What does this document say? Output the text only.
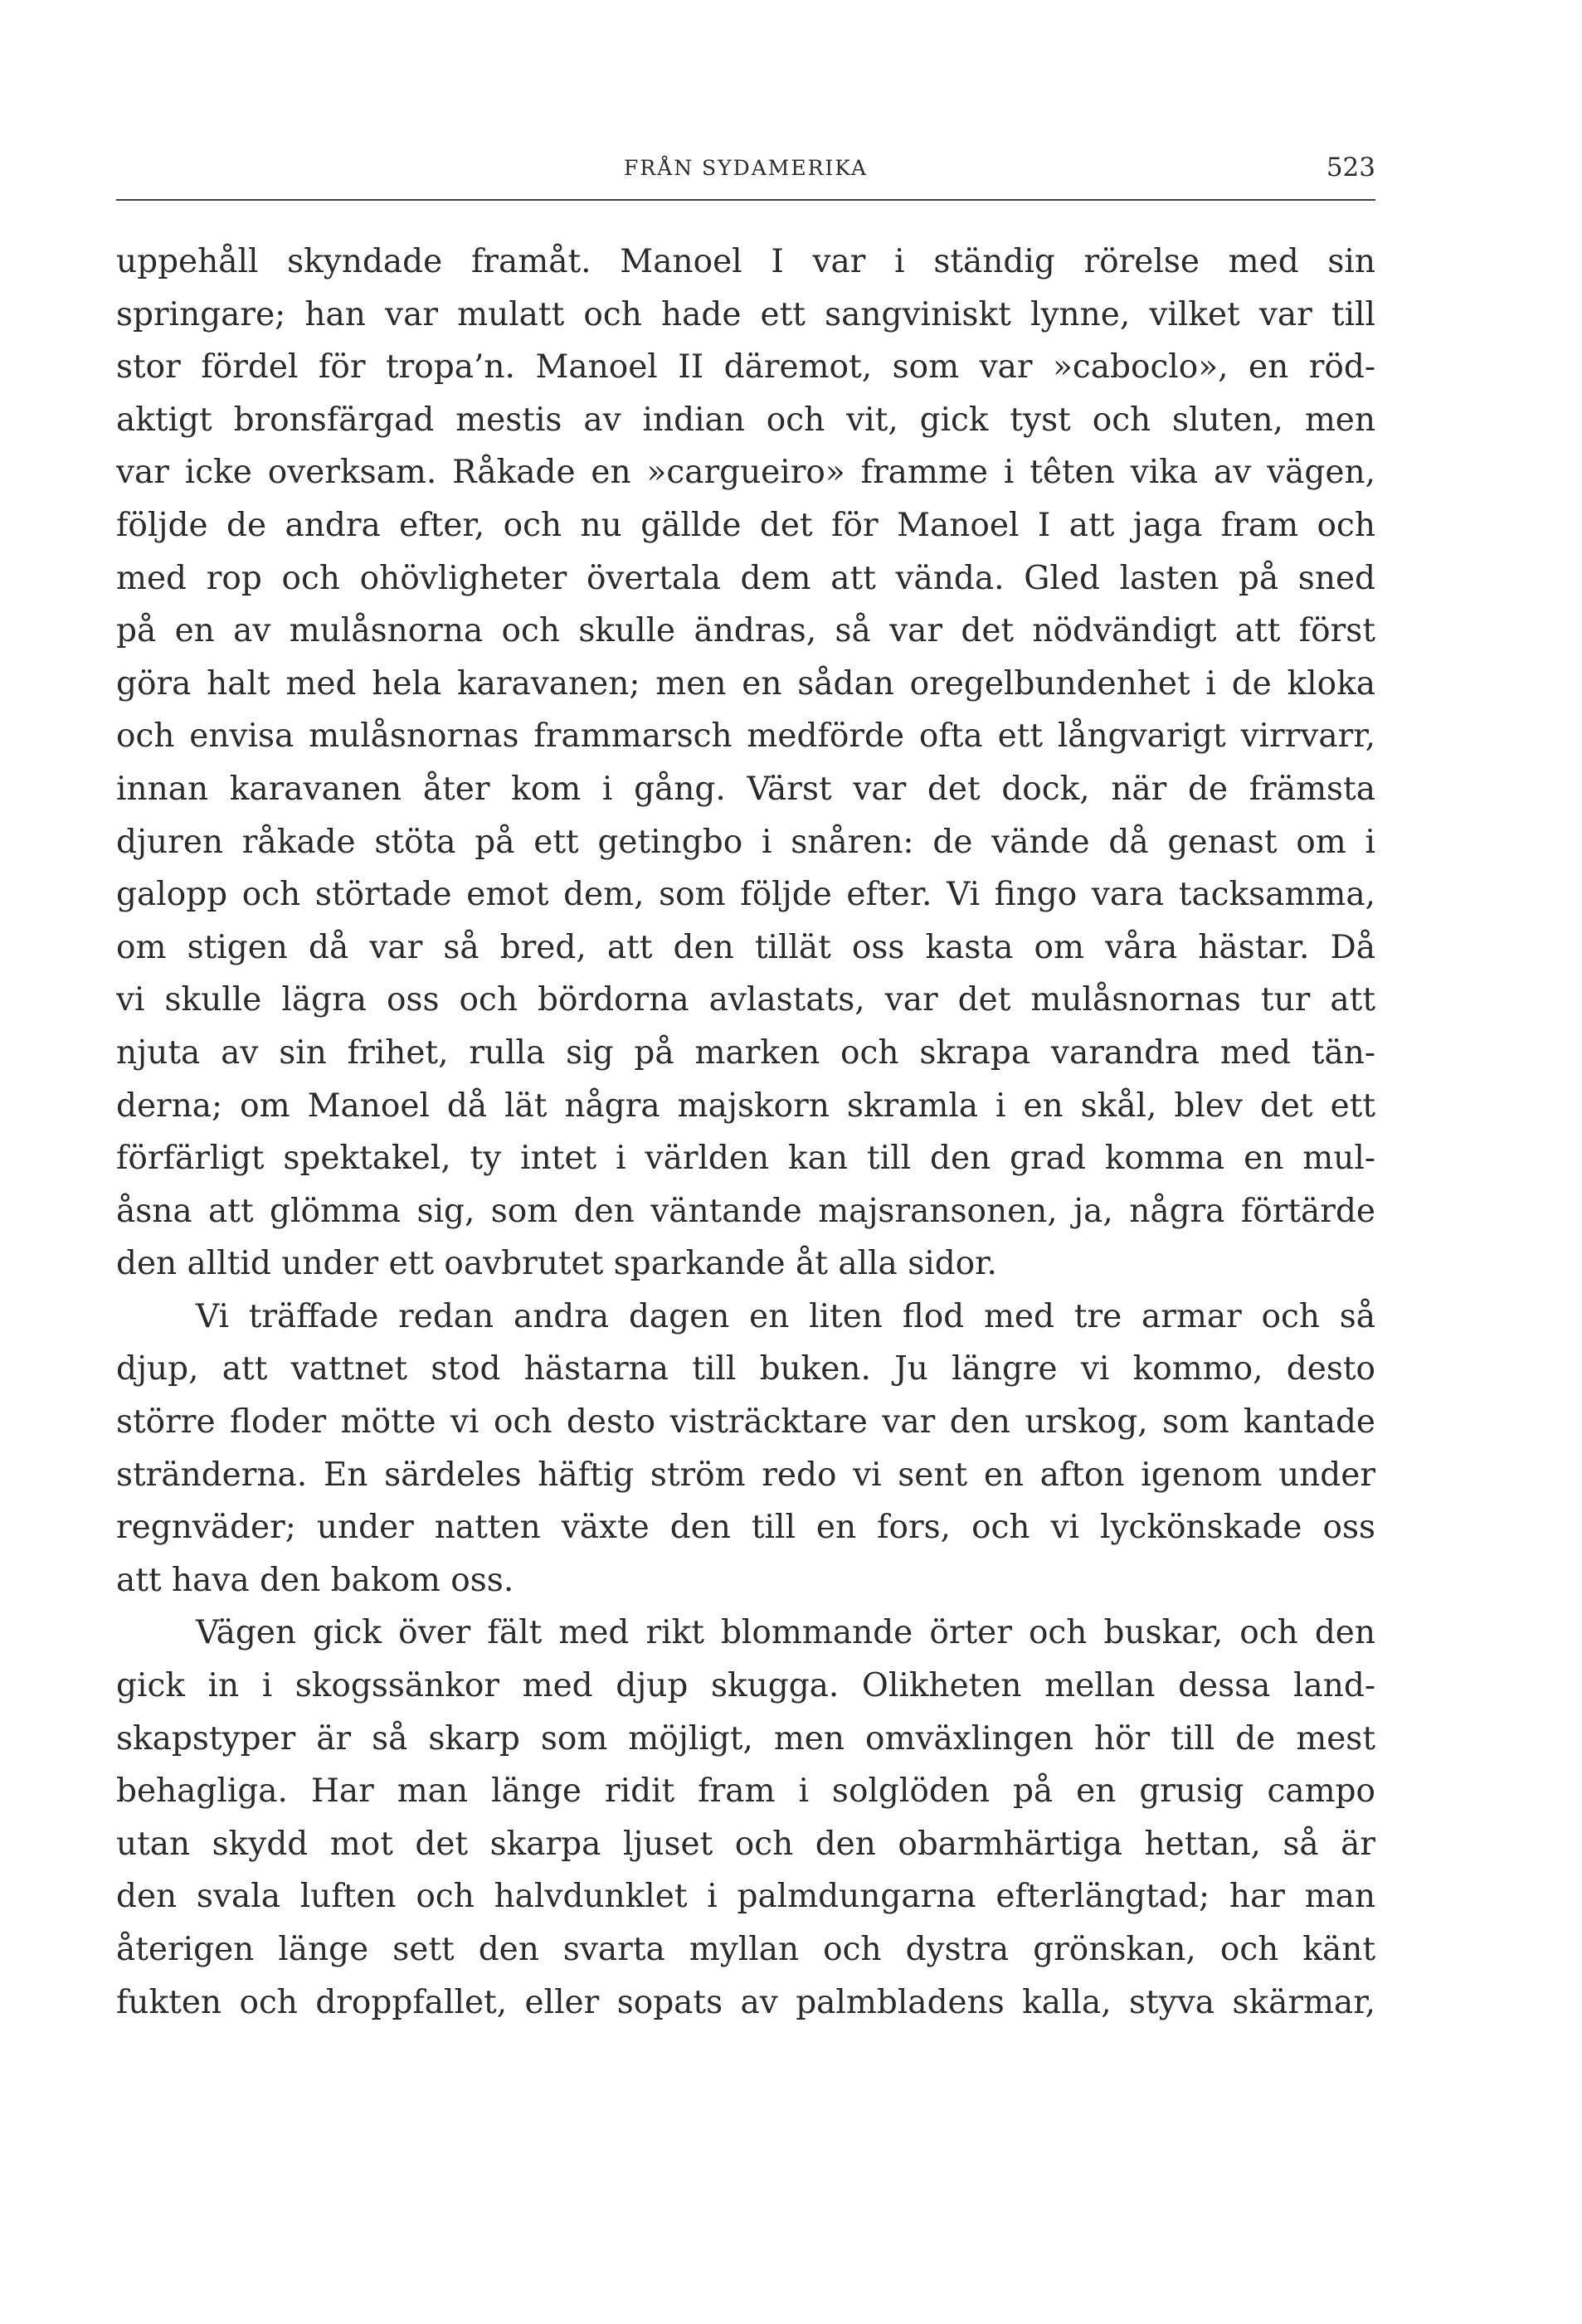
FRÅN SYDAMERIKA	523
uppehåll skyndade framåt. Manoel I var i ständig rörelse med sin
springare; han var mulatt och hade ett sangviniskt lynne, vilket var till
stor fördel för tropa’n. Manoel II däremot, som var »caboclo», en röd-
aktigt bronsfärgad mestis av indian och vit, gick tyst och sluten, men
var icke overksam. Råkade en »cargueiro» framme i têten vika av vägen,
följde de andra efter, och nu gällde det för Manoel I att jaga fram och
med rop och ohövligheter övertala dem att vända. Gled lasten på sned
på en av mulåsnorna och skulle ändras, så var det nödvändigt att först
göra halt med hela karavanen; men en sådan oregelbundenhet i de kloka
och envisa mulåsnornas frammarsch medförde ofta ett långvarigt virrvarr,
innan karavanen åter kom i gång. Värst var det dock, när de främsta
djuren råkade stöta på ett getingbo i snåren: de vände då genast om i
galopp och störtade emot dem, som följde efter. Vi fingo vara tacksamma,
om stigen då var så bred, att den tillät oss kasta om våra hästar. Då
vi skulle lägra oss och bördorna avlastats, var det mulåsnornas tur att
njuta av sin frihet, rulla sig på marken och skrapa varandra med tän-
derna; om Manoel då lät några majskorn skramla i en skål, blev det ett
förfärligt spektakel, ty intet i världen kan till den grad komma en mul-
åsna att glömma sig, som den väntande majsransonen, ja, några förtärde
den alltid under ett oavbrutet sparkande åt alla sidor.
Vi träffade redan andra dagen en liten flod med tre armar och så
djup, att vattnet stod hästarna till buken. Ju längre vi kommo, desto
större floder mötte vi och desto visträcktare var den urskog, som kantade
stränderna. En särdeles häftig ström redo vi sent en afton igenom under
regnväder; under natten växte den till en fors, och vi lyckönskade oss
att hava den bakom oss.
Vägen gick över fält med rikt blommande örter och buskar, och den
gick in i skogssänkor med djup skugga. Olikheten mellan dessa land-
skapstyper är så skarp som möjligt, men omväxlingen hör till de mest
behagliga. Har man länge ridit fram i solglöden på en grusig campo
utan skydd mot det skarpa ljuset och den obarmhärtiga hettan, så är
den svala luften och halvdunklet i palmdungarna efterlängtad; har man
återigen länge sett den svarta myllan och dystra grönskan, och känt
fukten och droppfallet, eller sopats av palmbladens kalla, styva skärmar,
